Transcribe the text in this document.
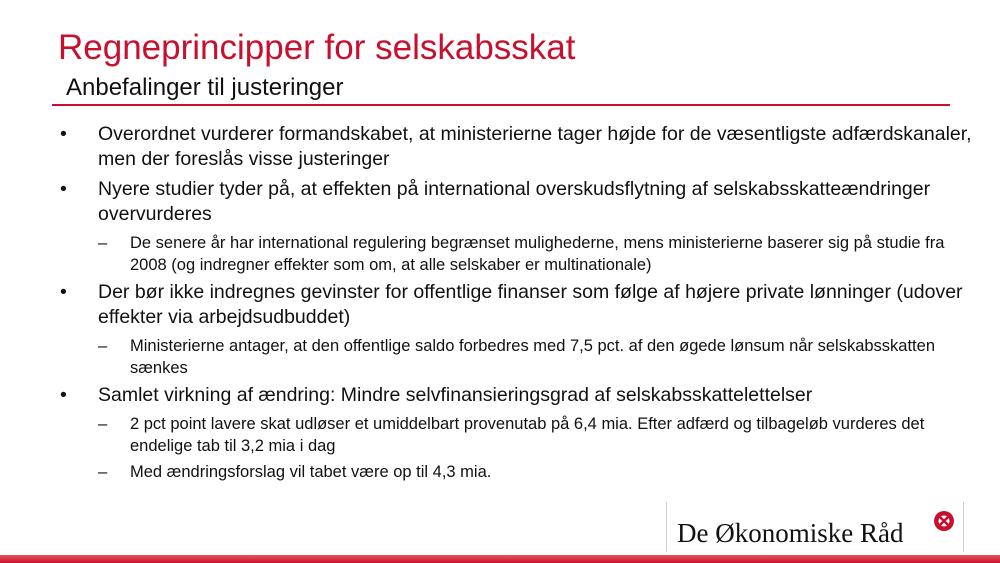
Regneprincipper for selskabsskat
Anbefalinger til justeringer
• Overordnet vurderer formandskabet, at ministerierne tager højde for de væsentligste adfærdskanaler, men der foreslås visse justeringer
• Nyere studier tyder på, at effekten på international overskudsflytning af selskabsskatteændringer overvurderes
– De senere år har international regulering begrænset mulighederne, mens ministerierne baserer sig på studie fra 2008 (og indregner effekter som om, at alle selskaber er multinationale)
• Der bør ikke indregnes gevinster for offentlige finanser som følge af højere private lønninger (udover effekter via arbejdsudbuddet)
– Ministerierne antager, at den offentlige saldo forbedres med 7,5 pct. af den øgede lønsum når selskabsskatten sænkes
• Samlet virkning af ændring: Mindre selvfinansieringsgrad af selskabsskattelettelser
– 2 pct point lavere skat udløser et umiddelbart provenutab på 6,4 mia. Efter adfærd og tilbageløb vurderes det endelige tab til 3,2 mia i dag
– Med ændringsforslag vil tabet være op til 4,3 mia.
De Økonomiske Råd
